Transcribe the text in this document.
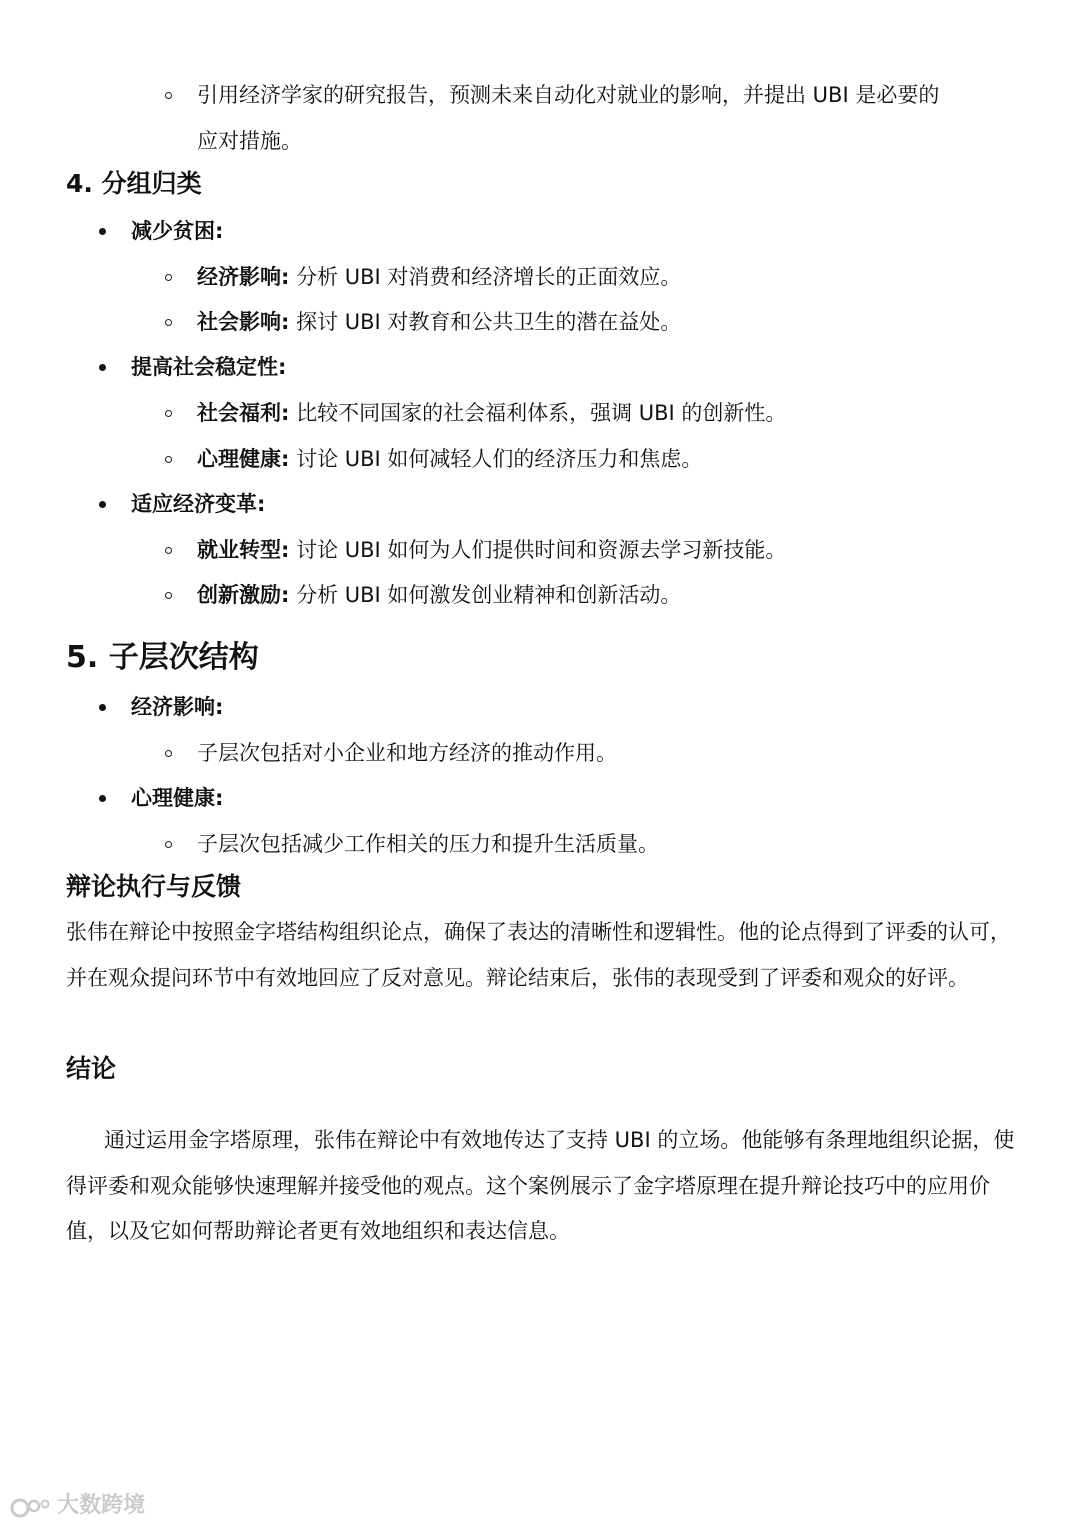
引用经济学家的研究报告，预测未来自动化对就业的影响，并提出 UBI 是必要的
应对措施。
4. 分组归类
减少贫困:
经济影响: 分析 UBI 对消费和经济增长的正面效应。
社会影响: 探讨 UBI 对教育和公共卫生的潜在益处。
提高社会稳定性:
社会福利: 比较不同国家的社会福利体系，强调 UBI 的创新性。
心理健康: 讨论 UBI 如何减轻人们的经济压力和焦虑。
适应经济变革:
就业转型: 讨论 UBI 如何为人们提供时间和资源去学习新技能。
创新激励: 分析 UBI 如何激发创业精神和创新活动。
5. 子层次结构
经济影响:
子层次包括对小企业和地方经济的推动作用。
心理健康:
子层次包括减少工作相关的压力和提升生活质量。
辩论执行与反馈
张伟在辩论中按照金字塔结构组织论点，确保了表达的清晰性和逻辑性。他的论点得到了评委的认可，并在观众提问环节中有效地回应了反对意见。辩论结束后，张伟的表现受到了评委和观众的好评。
结论
通过运用金字塔原理，张伟在辩论中有效地传达了支持 UBI 的立场。他能够有条理地组织论据，使得评委和观众能够快速理解并接受他的观点。这个案例展示了金字塔原理在提升辩论技巧中的应用价值，以及它如何帮助辩论者更有效地组织和表达信息。
大数跨境
